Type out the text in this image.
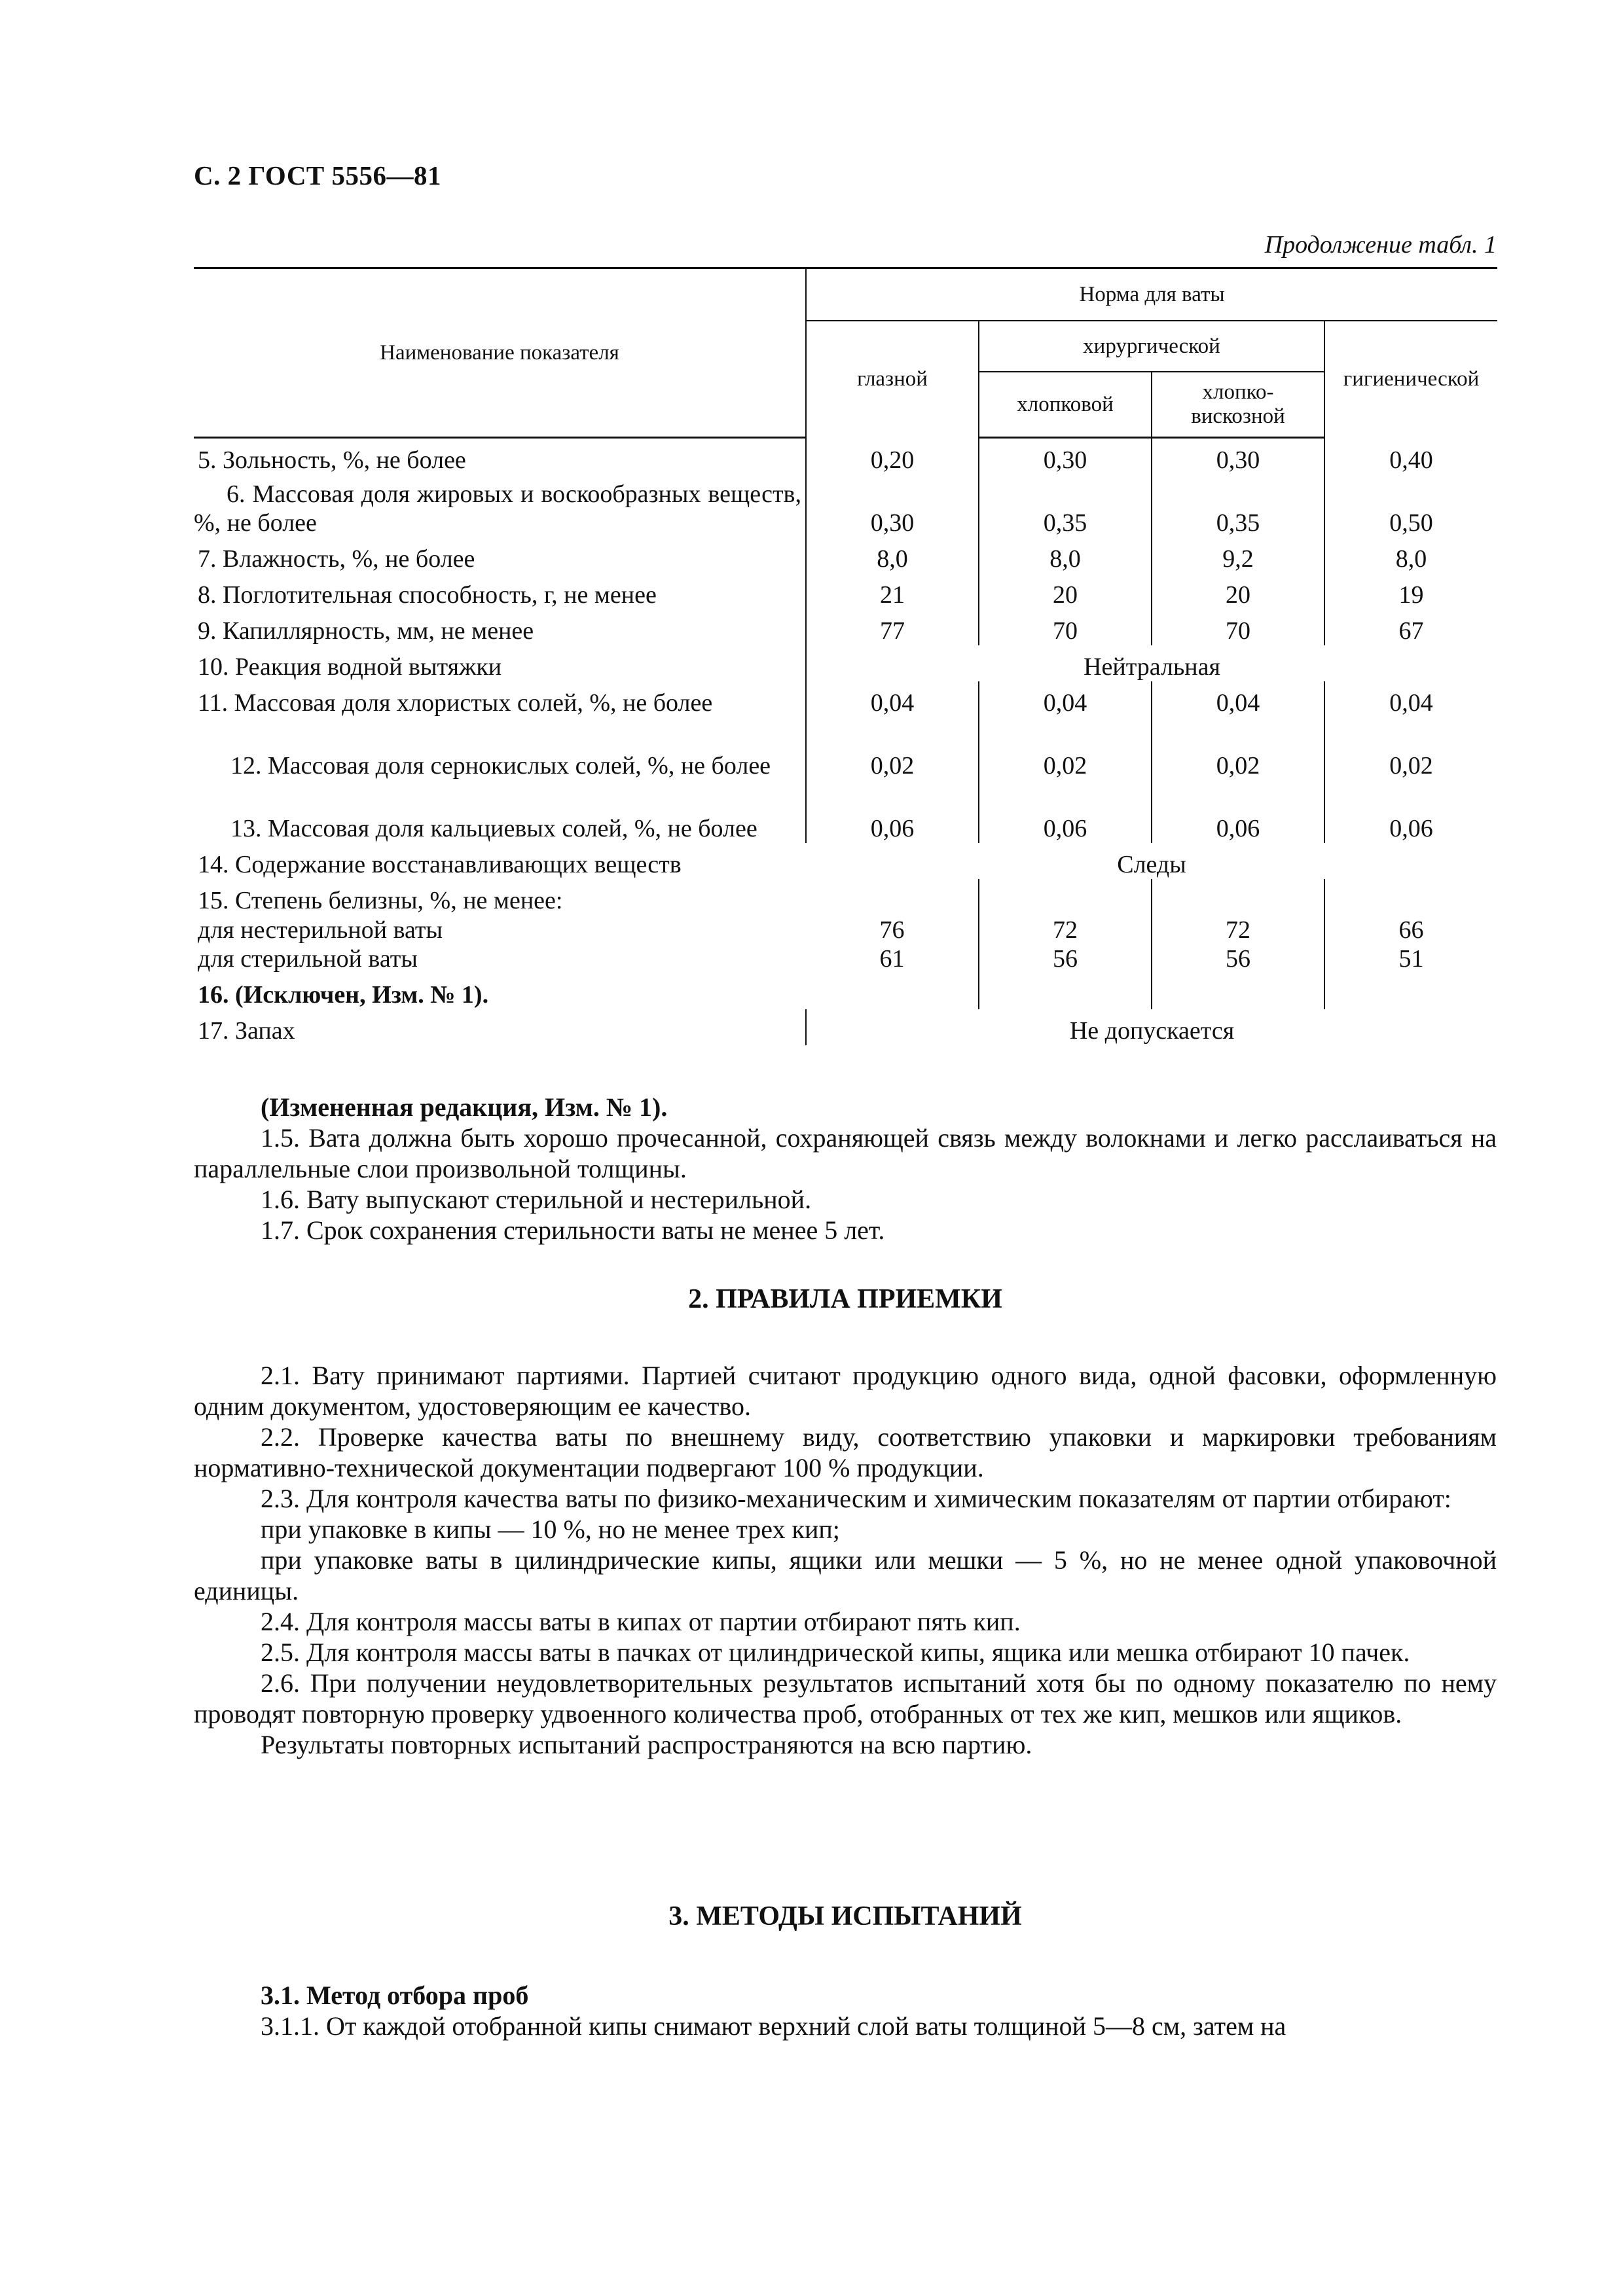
С. 2 ГОСТ 5556—81
Продолжение табл. 1
Наименование показателя	Норма для ваты			
	глазной	хирургической		гигиенической
		хлопковой	хлопко-вискозной	
5. Зольность, %, не более	0,20	0,30	0,30	0,40
6. Массовая доля жировых и воскообразных веществ, %, не более	0,30	0,35	0,35	0,50
7. Влажность, %, не более	8,0	8,0	9,2	8,0
8. Поглотительная способность, г, не менее	21	20	20	19
9. Капиллярность, мм, не менее	77	70	70	67
10. Реакция водной вытяжки	Нейтральная			
11. Массовая доля хлористых солей, %, не более	0,04	0,04	0,04	0,04
12. Массовая доля сернокислых солей, %, не более	0,02	0,02	0,02	0,02
13. Массовая доля кальциевых солей, %, не более	0,06	0,06	0,06	0,06
14. Содержание восстанавливающих веществ	Следы			
15. Степень белизны, %, не менее:				
для нестерильной ваты	76	72	72	66
для стерильной ваты	61	56	56	51
16. (Исключен, Изм. № 1).				
17. Запах	Не допускается			

(Измененная редакция, Изм. № 1).

1.5. Вата должна быть хорошо прочесанной, сохраняющей связь между волокнами и легко расслаиваться на параллельные слои произвольной толщины.

1.6. Вату выпускают стерильной и нестерильной.

1.7. Срок сохранения стерильности ваты не менее 5 лет.

2. ПРАВИЛА ПРИЕМКИ

2.1. Вату принимают партиями. Партией считают продукцию одного вида, одной фасовки, оформленную одним документом, удостоверяющим ее качество.

2.2. Проверке качества ваты по внешнему виду, соответствию упаковки и маркировки требованиям нормативно-технической документации подвергают 100 % продукции.

2.3. Для контроля качества ваты по физико-механическим и химическим показателям от партии отбирают:

при упаковке в кипы — 10 %, но не менее трех кип;

при упаковке ваты в цилиндрические кипы, ящики или мешки — 5 %, но не менее одной упаковочной единицы.

2.4. Для контроля массы ваты в кипах от партии отбирают пять кип.

2.5. Для контроля массы ваты в пачках от цилиндрической кипы, ящика или мешка отбирают 10 пачек.

2.6. При получении неудовлетворительных результатов испытаний хотя бы по одному показателю по нему проводят повторную проверку удвоенного количества проб, отобранных от тех же кип, мешков или ящиков.

Результаты повторных испытаний распространяются на всю партию.

3. МЕТОДЫ ИСПЫТАНИЙ

3.1. Метод отбора проб

3.1.1. От каждой отобранной кипы снимают верхний слой ваты толщиной 5—8 см, затем на
